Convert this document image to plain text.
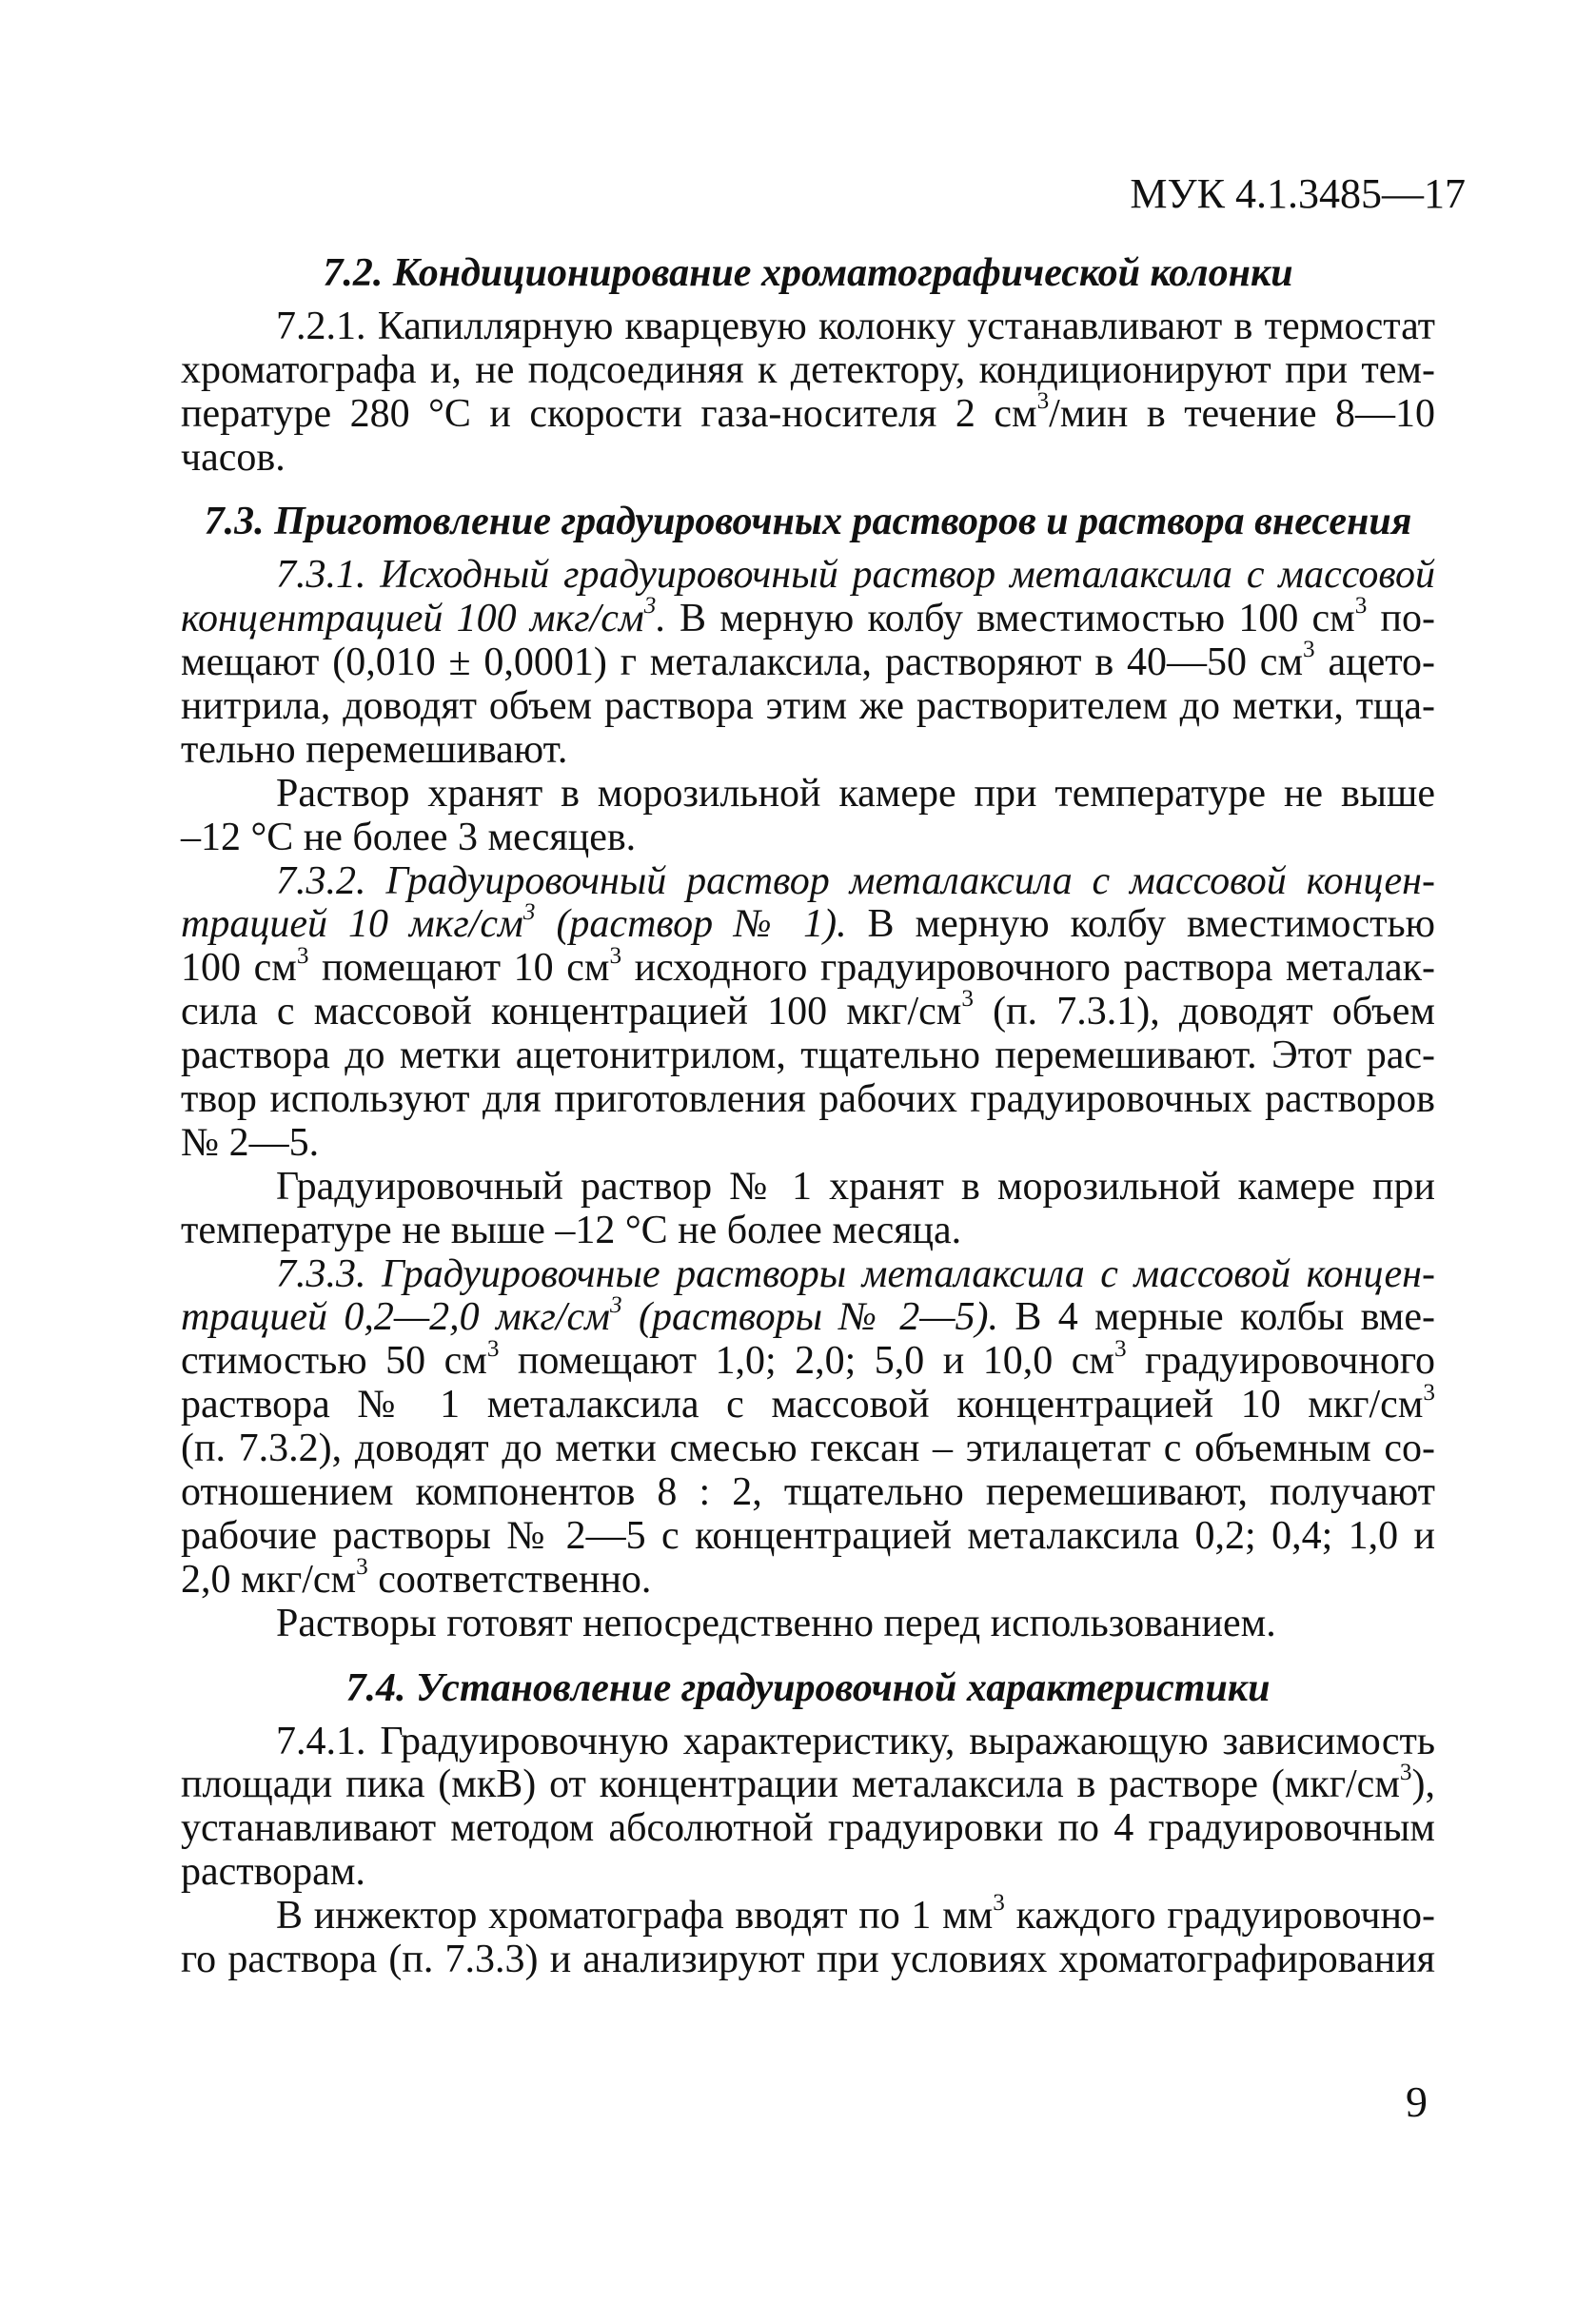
МУК 4.1.3485—17
7.2. Кондиционирование хроматографической колонки
7.2.1. Капиллярную кварцевую колонку устанавливают в термостат
хроматографа и, не подсоединяя к детектору, кондиционируют при тем-
пературе 280 °С и скорости газа-носителя 2 $см^3$/мин в течение 8—10
часов.
7.3. Приготовление градуировочных растворов и раствора внесения
7.3.1. Исходный градуировочный раствор металаксила с массовой
концентрацией 100 мкг/$см^3$. В мерную колбу вместимостью 100 $см^3$ по-
мещают (0,010 ± 0,0001) г металаксила, растворяют в 40—50 $см^3$ ацето-
нитрила, доводят объем раствора этим же растворителем до метки, тща-
тельно перемешивают.
Раствор хранят в морозильной камере при температуре не выше
–12 °С не более 3 месяцев.
7.3.2. Градуировочный раствор металаксила с массовой концен-
трацией 10 мкг/$см^3$ (раствор № 1). В мерную колбу вместимостью
100 $см^3$ помещают 10 $см^3$ исходного градуировочного раствора металак-
сила с массовой концентрацией 100 мкг/$см^3$ (п. 7.3.1), доводят объем
раствора до метки ацетонитрилом, тщательно перемешивают. Этот рас-
твор используют для приготовления рабочих градуировочных растворов
№ 2—5.
Градуировочный раствор № 1 хранят в морозильной камере при
температуре не выше –12 °С не более месяца.
7.3.3. Градуировочные растворы металаксила с массовой концен-
трацией 0,2—2,0 мкг/$см^3$ (растворы № 2—5). В 4 мерные колбы вме-
стимостью 50 $см^3$ помещают 1,0; 2,0; 5,0 и 10,0 $см^3$ градуировочного
раствора № 1 металаксила с массовой концентрацией 10 мкг/$см^3$
(п. 7.3.2), доводят до метки смесью гексан – этилацетат с объемным со-
отношением компонентов 8 : 2, тщательно перемешивают, получают
рабочие растворы № 2—5 с концентрацией металаксила 0,2; 0,4; 1,0 и
2,0 мкг/$см^3$ соответственно.
Растворы готовят непосредственно перед использованием.
7.4. Установление градуировочной характеристики
7.4.1. Градуировочную характеристику, выражающую зависимость
площади пика (мкВ) от концентрации металаксила в растворе $(мкг/см^3)$,
устанавливают методом абсолютной градуировки по 4 градуировочным
растворам.
В инжектор хроматографа вводят по 1 $мм^3$ каждого градуировочно-
го раствора (п. 7.3.3) и анализируют при условиях хроматографирования
9
